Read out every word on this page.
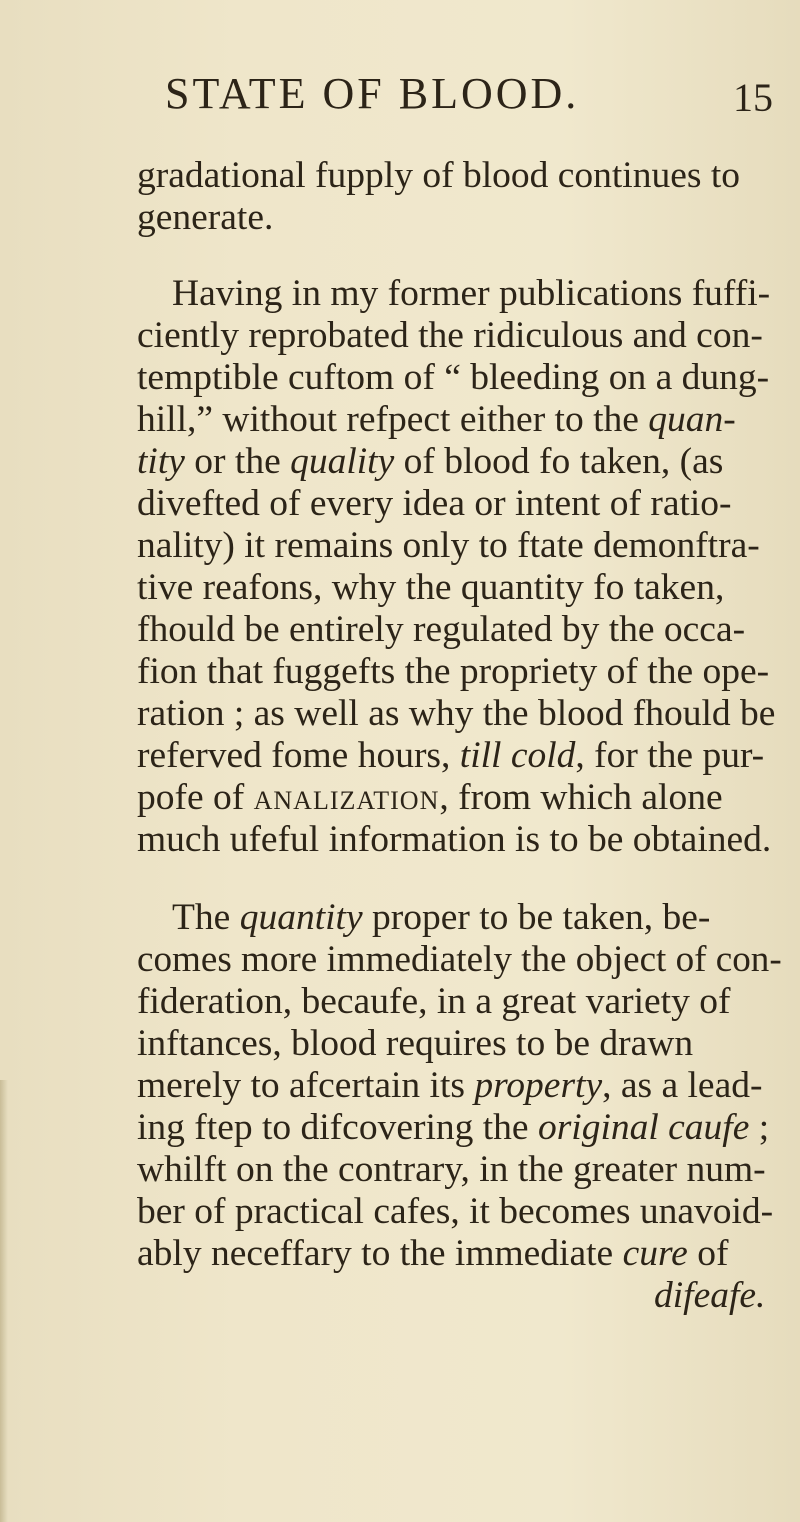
STATE OF BLOOD.	15
gradational fupply of blood continues to
generate.
Having in my former publications fuffi-
ciently reprobated the ridiculous and con-
temptible cuftom of “ bleeding on a dung-
hill,” without refpect either to the quan-
tity or the quality of blood fo taken, (as
divefted of every idea or intent of ratio-
nality) it remains only to ftate demonftra-
tive reafons, why the quantity fo taken,
fhould be entirely regulated by the occa-
fion that fuggefts the propriety of the ope-
ration ; as well as why the blood fhould be
referved fome hours, till cold, for the pur-
pofe of analization, from which alone
much ufeful information is to be obtained.
The quantity proper to be taken, be-
comes more immediately the object of con-
fideration, becaufe, in a great variety of
inftances, blood requires to be drawn
merely to afcertain its property, as a lead-
ing ftep to difcovering the original caufe ;
whilft on the contrary, in the greater num-
ber of practical cafes, it becomes unavoid-
ably neceffary to the immediate cure of
difeafe.
